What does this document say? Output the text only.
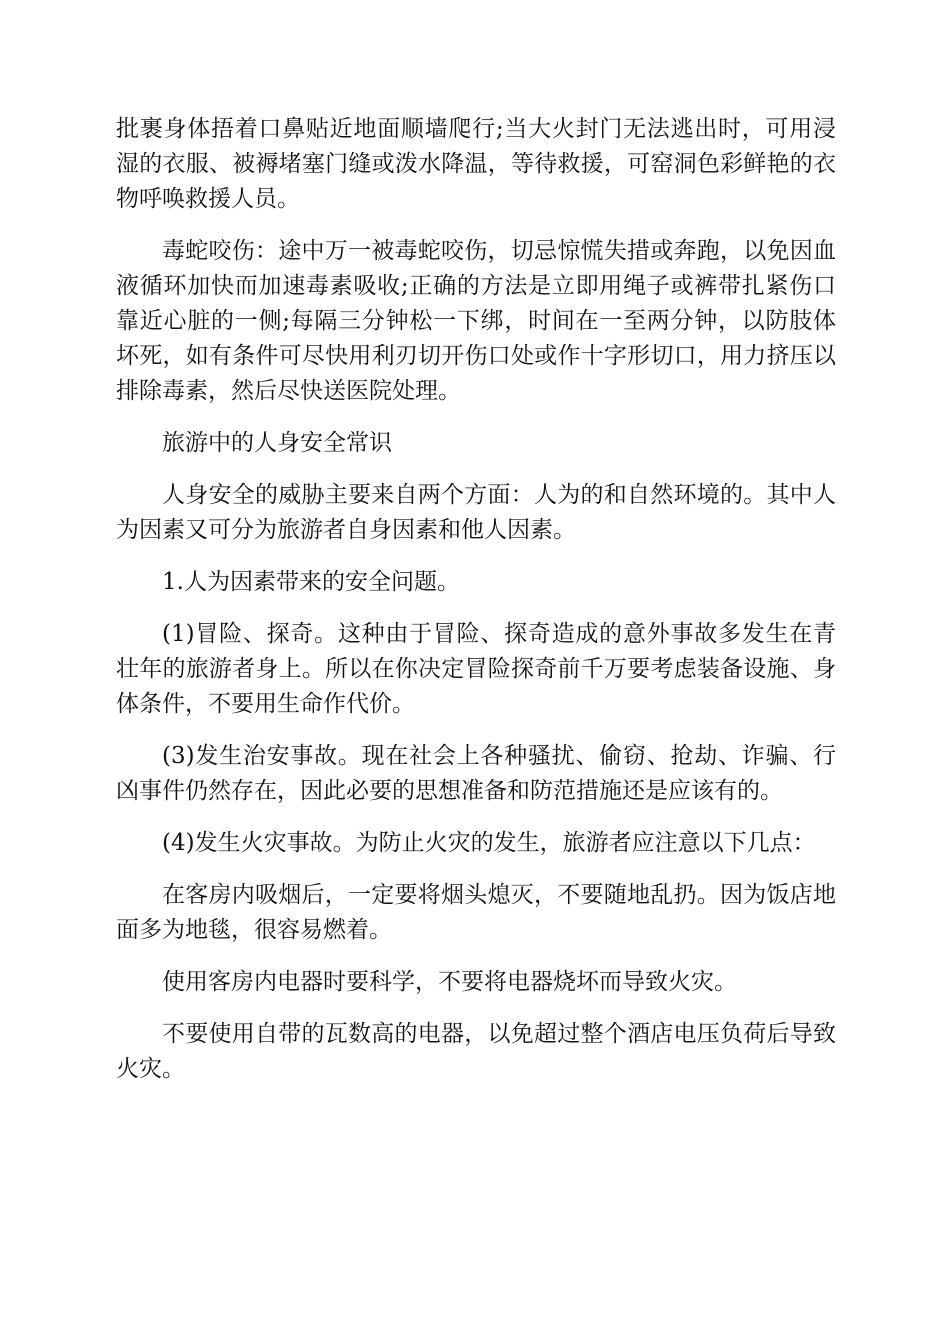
批裹身体捂着口鼻贴近地面顺墙爬行;当大火封门无法逃出时，可用浸湿的衣服、被褥堵塞门缝或泼水降温，等待救援，可窑洞色彩鲜艳的衣物呼唤救援人员。

毒蛇咬伤：途中万一被毒蛇咬伤，切忌惊慌失措或奔跑，以免因血液循环加快而加速毒素吸收;正确的方法是立即用绳子或裤带扎紧伤口靠近心脏的一侧;每隔三分钟松一下绑，时间在一至两分钟，以防肢体坏死，如有条件可尽快用利刃切开伤口处或作十字形切口，用力挤压以排除毒素，然后尽快送医院处理。

旅游中的人身安全常识

人身安全的威胁主要来自两个方面：人为的和自然环境的。其中人为因素又可分为旅游者自身因素和他人因素。

1.人为因素带来的安全问题。

(1)冒险、探奇。这种由于冒险、探奇造成的意外事故多发生在青壮年的旅游者身上。所以在你决定冒险探奇前千万要考虑装备设施、身体条件，不要用生命作代价。

(3)发生治安事故。现在社会上各种骚扰、偷窃、抢劫、诈骗、行凶事件仍然存在，因此必要的思想准备和防范措施还是应该有的。

(4)发生火灾事故。为防止火灾的发生，旅游者应注意以下几点：

在客房内吸烟后，一定要将烟头熄灭，不要随地乱扔。因为饭店地面多为地毯，很容易燃着。

使用客房内电器时要科学，不要将电器烧坏而导致火灾。

不要使用自带的瓦数高的电器，以免超过整个酒店电压负荷后导致火灾。
